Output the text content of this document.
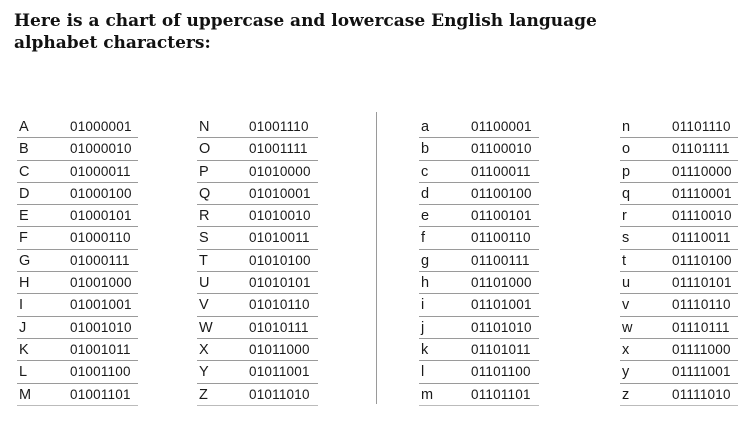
Here is a chart of uppercase and lowercase English language alphabet characters:
A	01000001
B	01000010
C	01000011
D	01000100
E	01000101
F	01000110
G	01000111
H	01001000
I	01001001
J	01001010
K	01001011
L	01001100
M	01001101
N	01001110
O	01001111
P	01010000
Q	01010001
R	01010010
S	01010011
T	01010100
U	01010101
V	01010110
W	01010111
X	01011000
Y	01011001
Z	01011010
a	01100001
b	01100010
c	01100011
d	01100100
e	01100101
f	01100110
g	01100111
h	01101000
i	01101001
j	01101010
k	01101011
l	01101100
m	01101101
n	01101110
o	01101111
p	01110000
q	01110001
r	01110010
s	01110011
t	01110100
u	01110101
v	01110110
w	01110111
x	01111000
y	01111001
z	01111010
